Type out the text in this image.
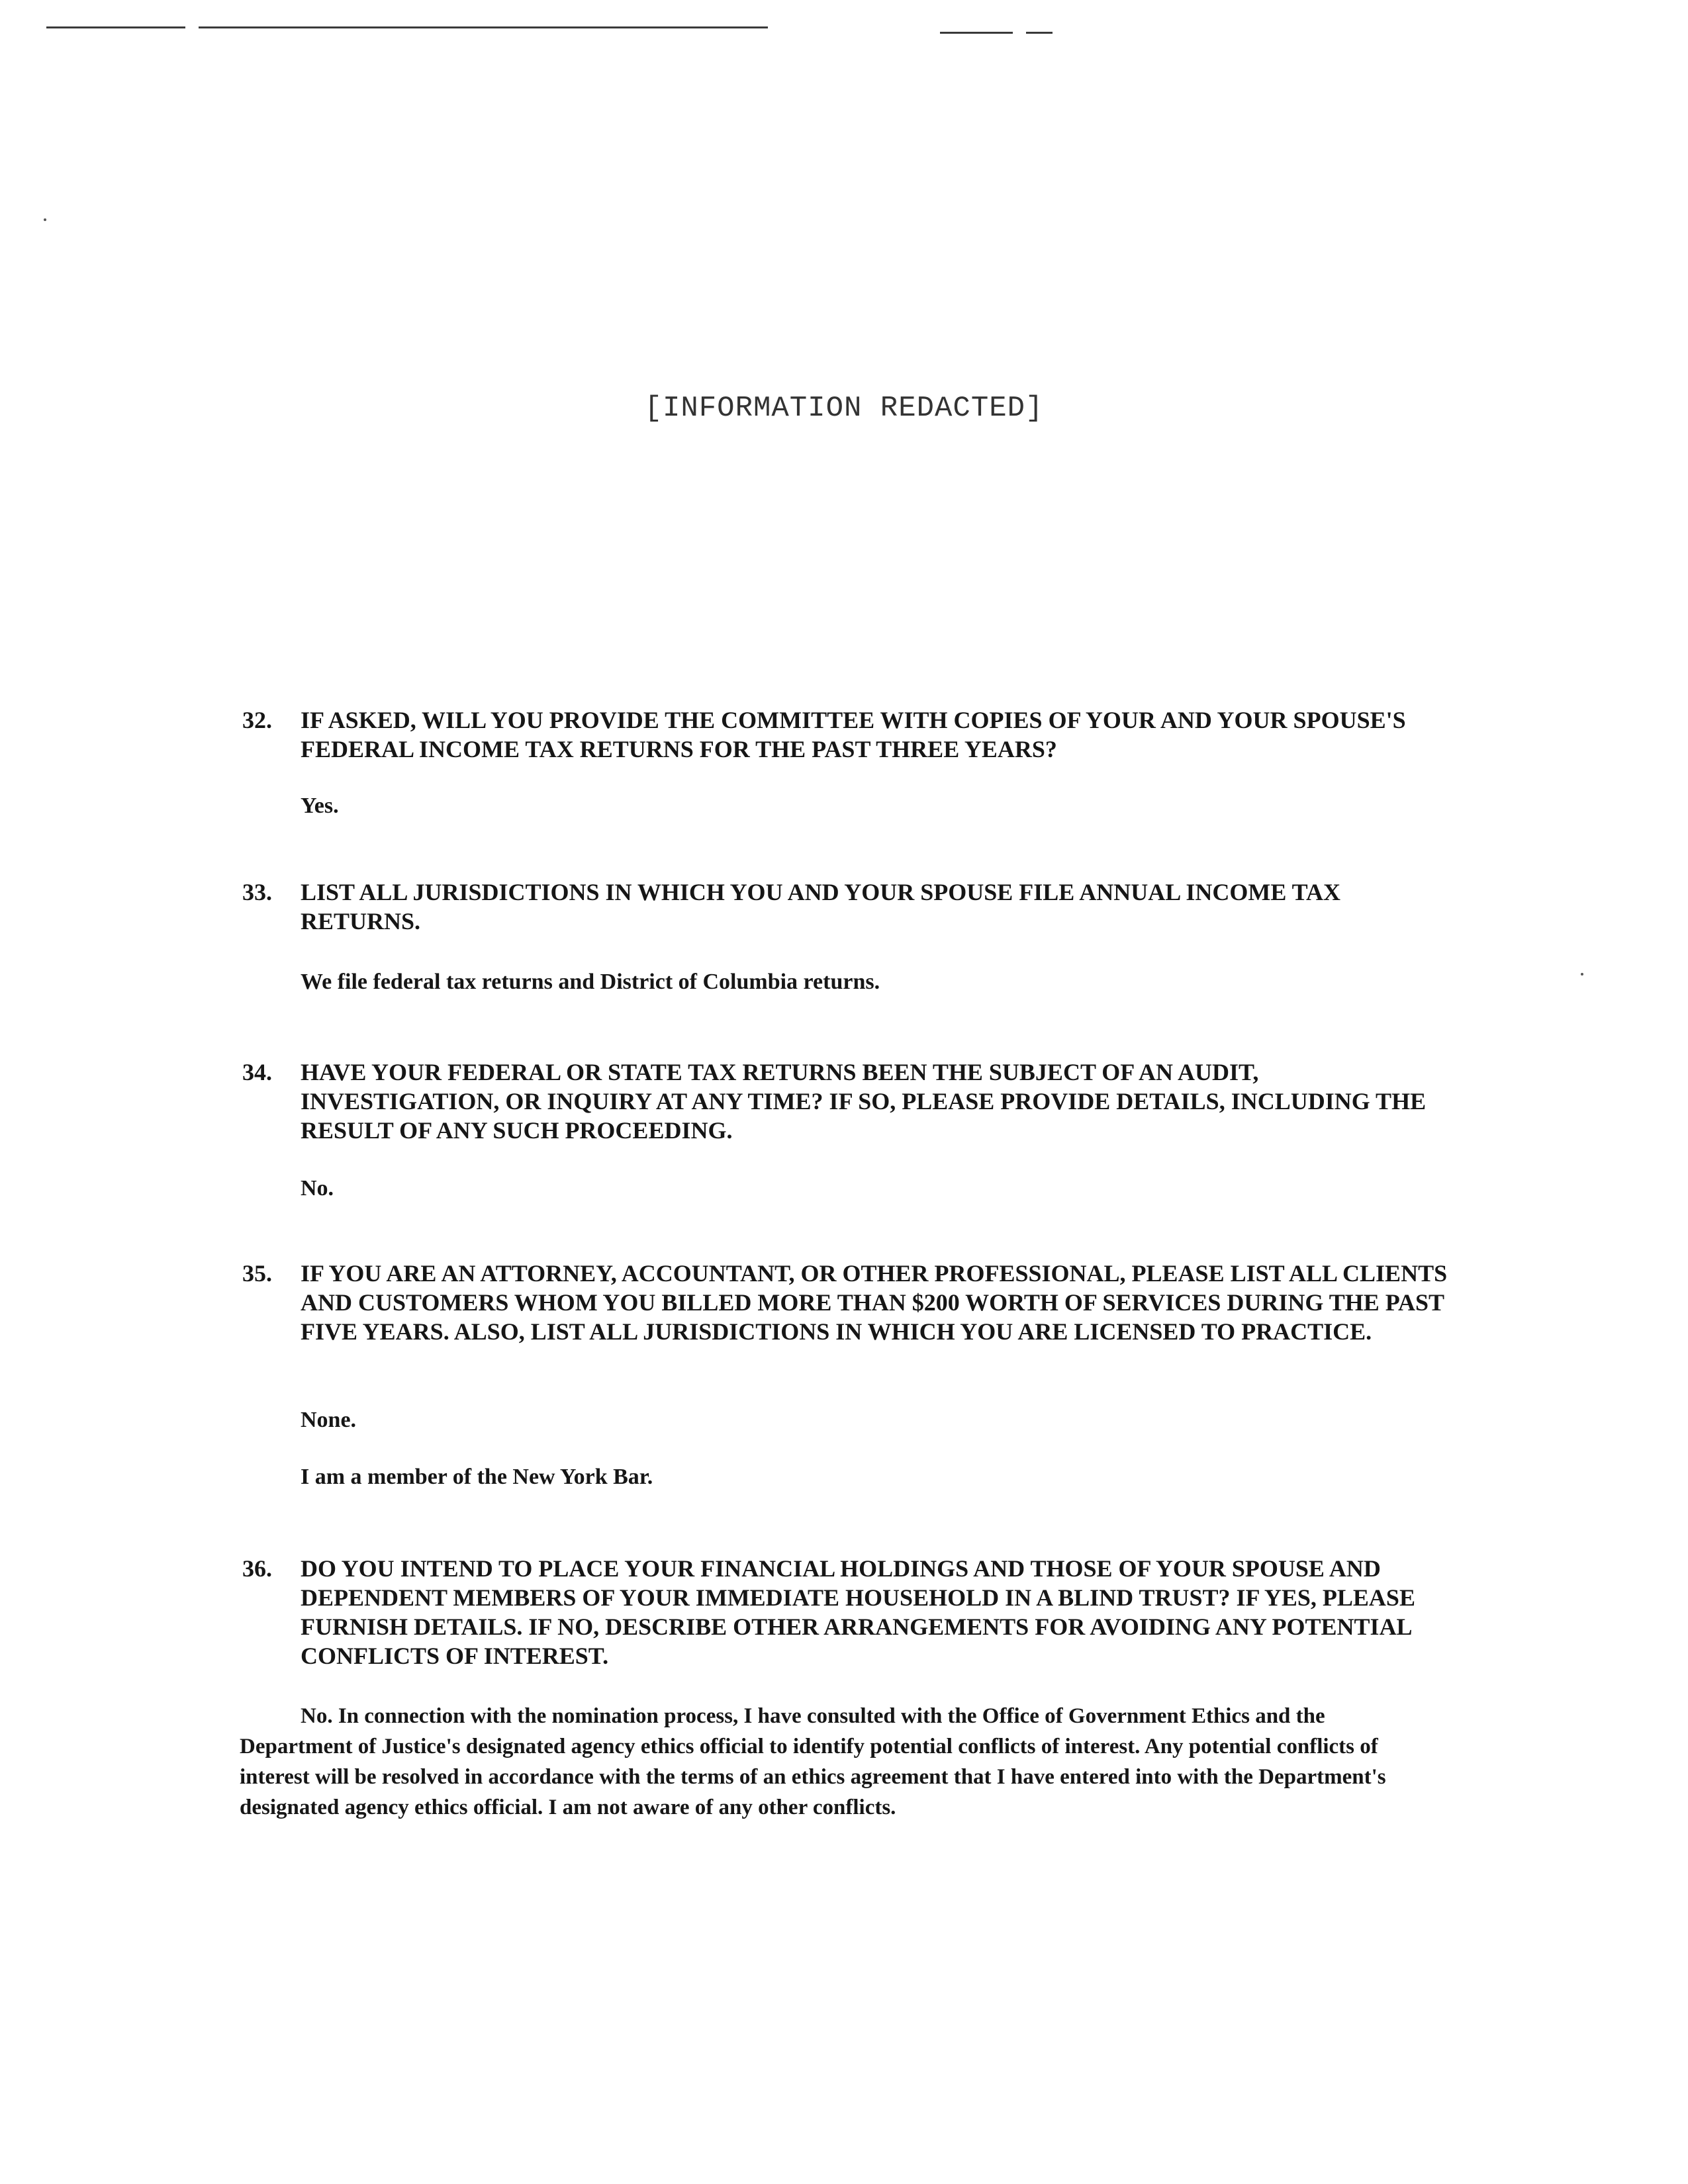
[INFORMATION REDACTED]
32. IF ASKED, WILL YOU PROVIDE THE COMMITTEE WITH COPIES OF YOUR AND YOUR SPOUSE'S FEDERAL INCOME TAX RETURNS FOR THE PAST THREE YEARS?
Yes.
33. LIST ALL JURISDICTIONS IN WHICH YOU AND YOUR SPOUSE FILE ANNUAL INCOME TAX RETURNS.
We file federal tax returns and District of Columbia returns.
34. HAVE YOUR FEDERAL OR STATE TAX RETURNS BEEN THE SUBJECT OF AN AUDIT, INVESTIGATION, OR INQUIRY AT ANY TIME? IF SO, PLEASE PROVIDE DETAILS, INCLUDING THE RESULT OF ANY SUCH PROCEEDING.
No.
35. IF YOU ARE AN ATTORNEY, ACCOUNTANT, OR OTHER PROFESSIONAL, PLEASE LIST ALL CLIENTS AND CUSTOMERS WHOM YOU BILLED MORE THAN $200 WORTH OF SERVICES DURING THE PAST FIVE YEARS. ALSO, LIST ALL JURISDICTIONS IN WHICH YOU ARE LICENSED TO PRACTICE.
None.
I am a member of the New York Bar.
36. DO YOU INTEND TO PLACE YOUR FINANCIAL HOLDINGS AND THOSE OF YOUR SPOUSE AND DEPENDENT MEMBERS OF YOUR IMMEDIATE HOUSEHOLD IN A BLIND TRUST? IF YES, PLEASE FURNISH DETAILS. IF NO, DESCRIBE OTHER ARRANGEMENTS FOR AVOIDING ANY POTENTIAL CONFLICTS OF INTEREST.
No. In connection with the nomination process, I have consulted with the Office of Government Ethics and the Department of Justice's designated agency ethics official to identify potential conflicts of interest. Any potential conflicts of interest will be resolved in accordance with the terms of an ethics agreement that I have entered into with the Department's designated agency ethics official. I am not aware of any other conflicts.
